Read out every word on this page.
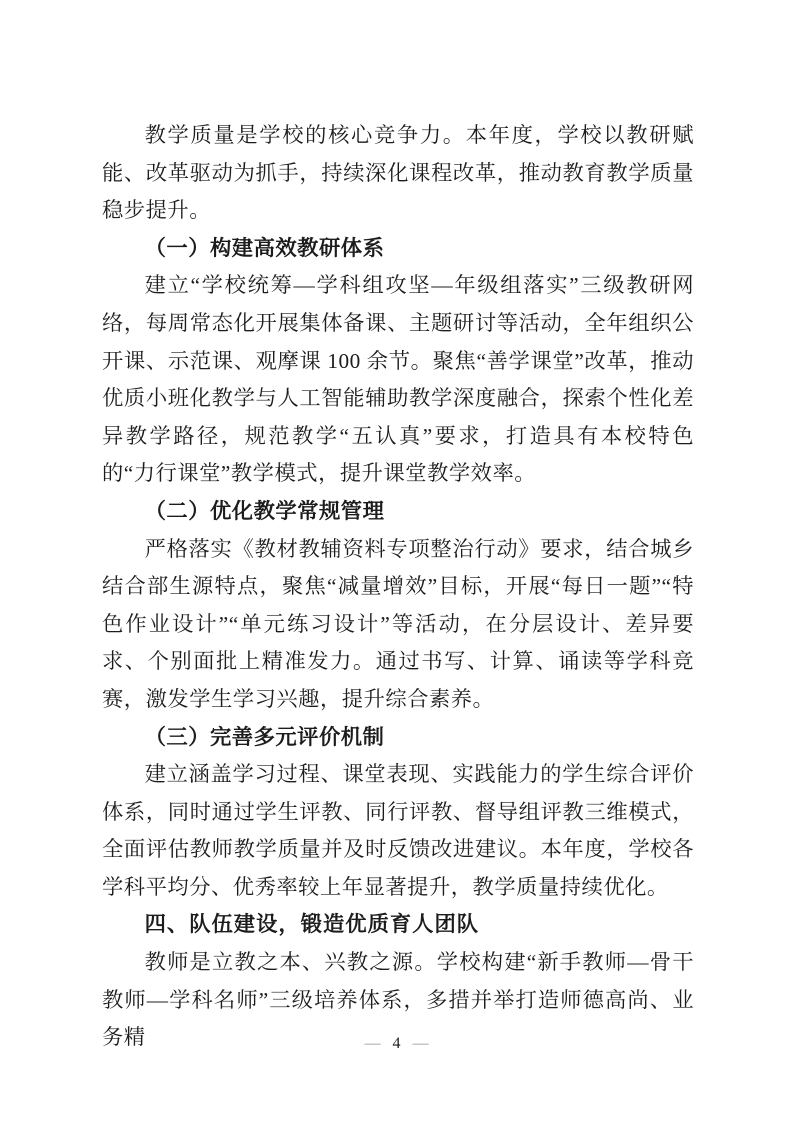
教学质量是学校的核心竞争力。本年度，学校以教研赋能、改革驱动为抓手，持续深化课程改革，推动教育教学质量稳步提升。

（一）构建高效教研体系

建立“学校统筹—学科组攻坚—年级组落实”三级教研网络，每周常态化开展集体备课、主题研讨等活动，全年组织公开课、示范课、观摩课 100 余节。聚焦“善学课堂”改革，推动优质小班化教学与人工智能辅助教学深度融合，探索个性化差异教学路径，规范教学“五认真”要求，打造具有本校特色的“力行课堂”教学模式，提升课堂教学效率。

（二）优化教学常规管理

严格落实《教材教辅资料专项整治行动》要求，结合城乡结合部生源特点，聚焦“减量增效”目标，开展“每日一题”“特色作业设计”“单元练习设计”等活动，在分层设计、差异要求、个别面批上精准发力。通过书写、计算、诵读等学科竞赛，激发学生学习兴趣，提升综合素养。

（三）完善多元评价机制

建立涵盖学习过程、课堂表现、实践能力的学生综合评价体系，同时通过学生评教、同行评教、督导组评教三维模式，全面评估教师教学质量并及时反馈改进建议。本年度，学校各学科平均分、优秀率较上年显著提升，教学质量持续优化。

四、队伍建设，锻造优质育人团队

教师是立教之本、兴教之源。学校构建“新手教师—骨干教师—学科名师”三级培养体系，多措并举打造师德高尚、业务精	— 4 —
